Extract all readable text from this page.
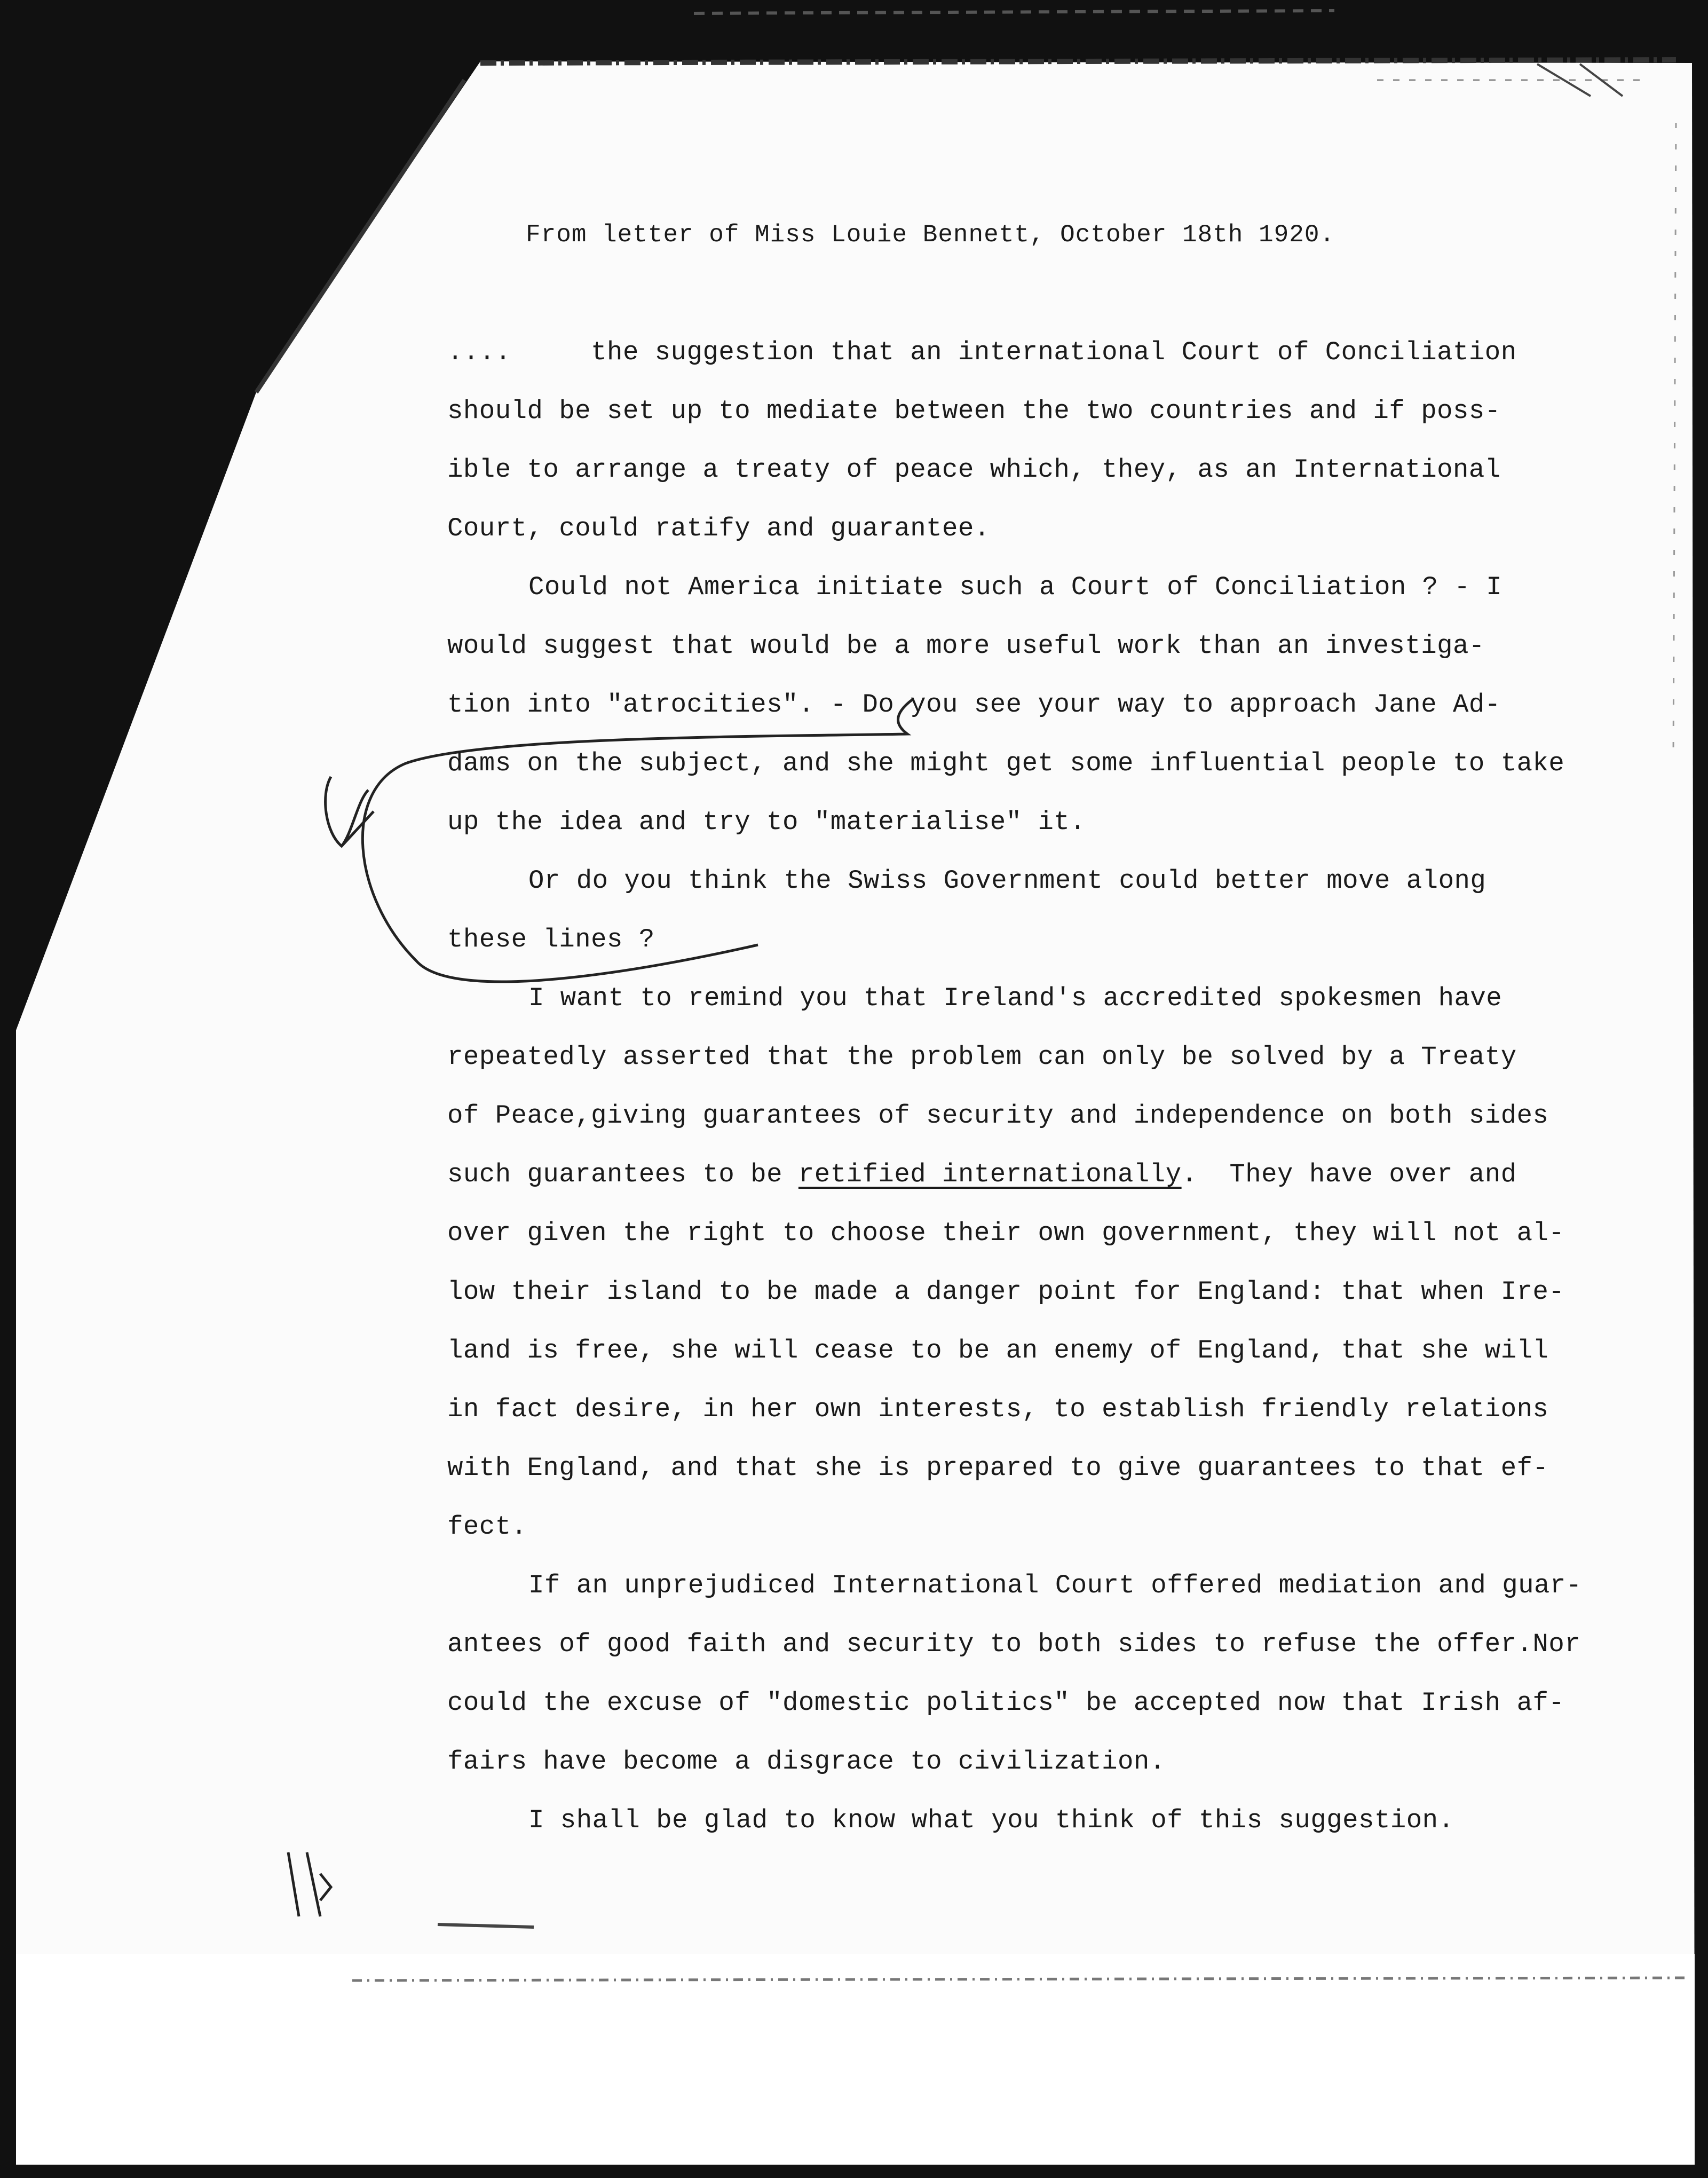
From letter of Miss Louie Bennett, October 18th 1920.
....     the suggestion that an international Court of Conciliation
should be set up to mediate between the two countries and if poss-
ible to arrange a treaty of peace which, they, as an International
Court, could ratify and guarantee.
Could not America initiate such a Court of Conciliation ? - I
would suggest that would be a more useful work than an investiga-
tion into "atrocities". - Do you see your way to approach Jane Ad-
dams on the subject, and she might get some influential people to take
up the idea and try to "materialise" it.
Or do you think the Swiss Government could better move along
these lines ?
I want to remind you that Ireland's accredited spokesmen have
repeatedly asserted that the problem can only be solved by a Treaty
of Peace,giving guarantees of security and independence on both sides
such guarantees to be retified internationally.  They have over and
over given the right to choose their own government, they will not al-
low their island to be made a danger point for England: that when Ire-
land is free, she will cease to be an enemy of England, that she will
in fact desire, in her own interests, to establish friendly relations
with England, and that she is prepared to give guarantees to that ef-
fect.
If an unprejudiced International Court offered mediation and guar-
antees of good faith and security to both sides to refuse the offer.Nor
could the excuse of "domestic politics" be accepted now that Irish af-
fairs have become a disgrace to civilization.
I shall be glad to know what you think of this suggestion.
